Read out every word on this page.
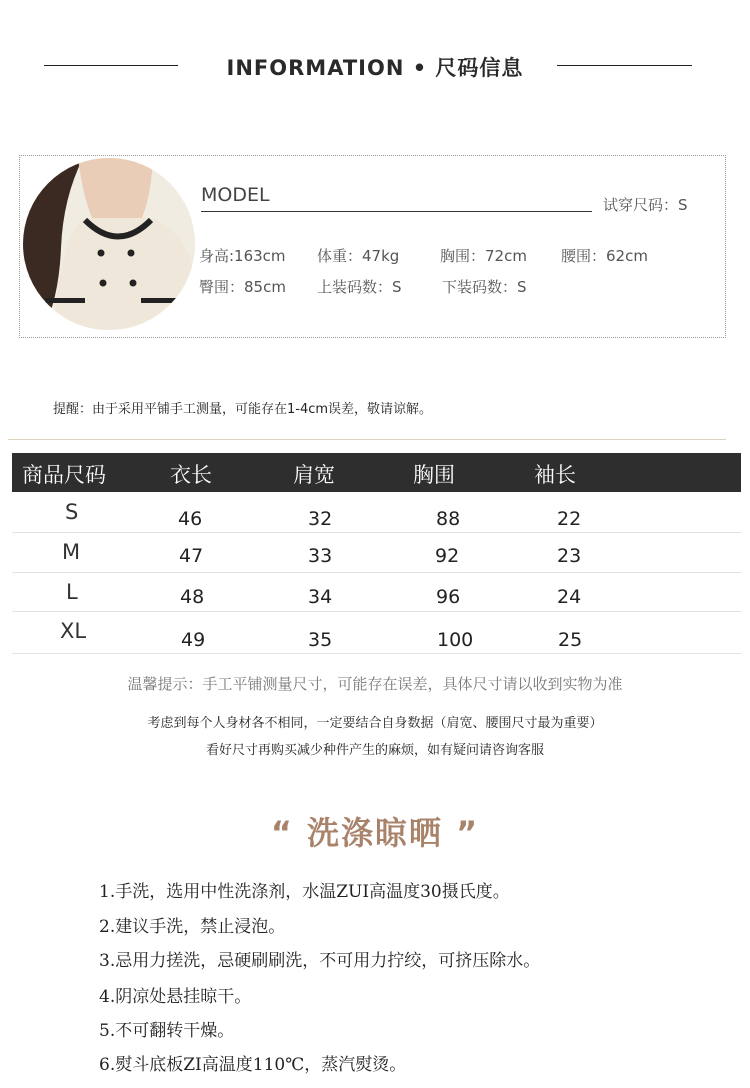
INFORMATION • 尺码信息
MODEL	试穿尺码：S
身高:163cm 体重：47kg	胸围：72cm 腰围：62cm
臀围：85cm 上装码数：S	下装码数：S
提醒：由于采用平铺手工测量，可能存在1-4cm误差，敬请谅解。
商品尺码	衣长	肩宽	胸围	袖长
S	46	32	88	22
M	47	33	92	23
L	48	34	96	24
XL	49	35	100	25
温馨提示：手工平铺测量尺寸，可能存在误差，具体尺寸请以收到实物为准
考虑到每个人身材各不相同，一定要结合自身数据（肩宽、腰围尺寸最为重要）
看好尺寸再购买减少种件产生的麻烦，如有疑问请咨询客服
“ 洗涤晾晒 ”
1.手洗，选用中性洗涤剂，水温ZUI高温度30摄氏度。
2.建议手洗，禁止浸泡。
3.忌用力搓洗，忌硬刷刷洗，不可用力拧绞，可挤压除水。
4.阴凉处悬挂晾干。
5.不可翻转干燥。
6.熨斗底板ZI高温度110℃，蒸汽熨烫。
